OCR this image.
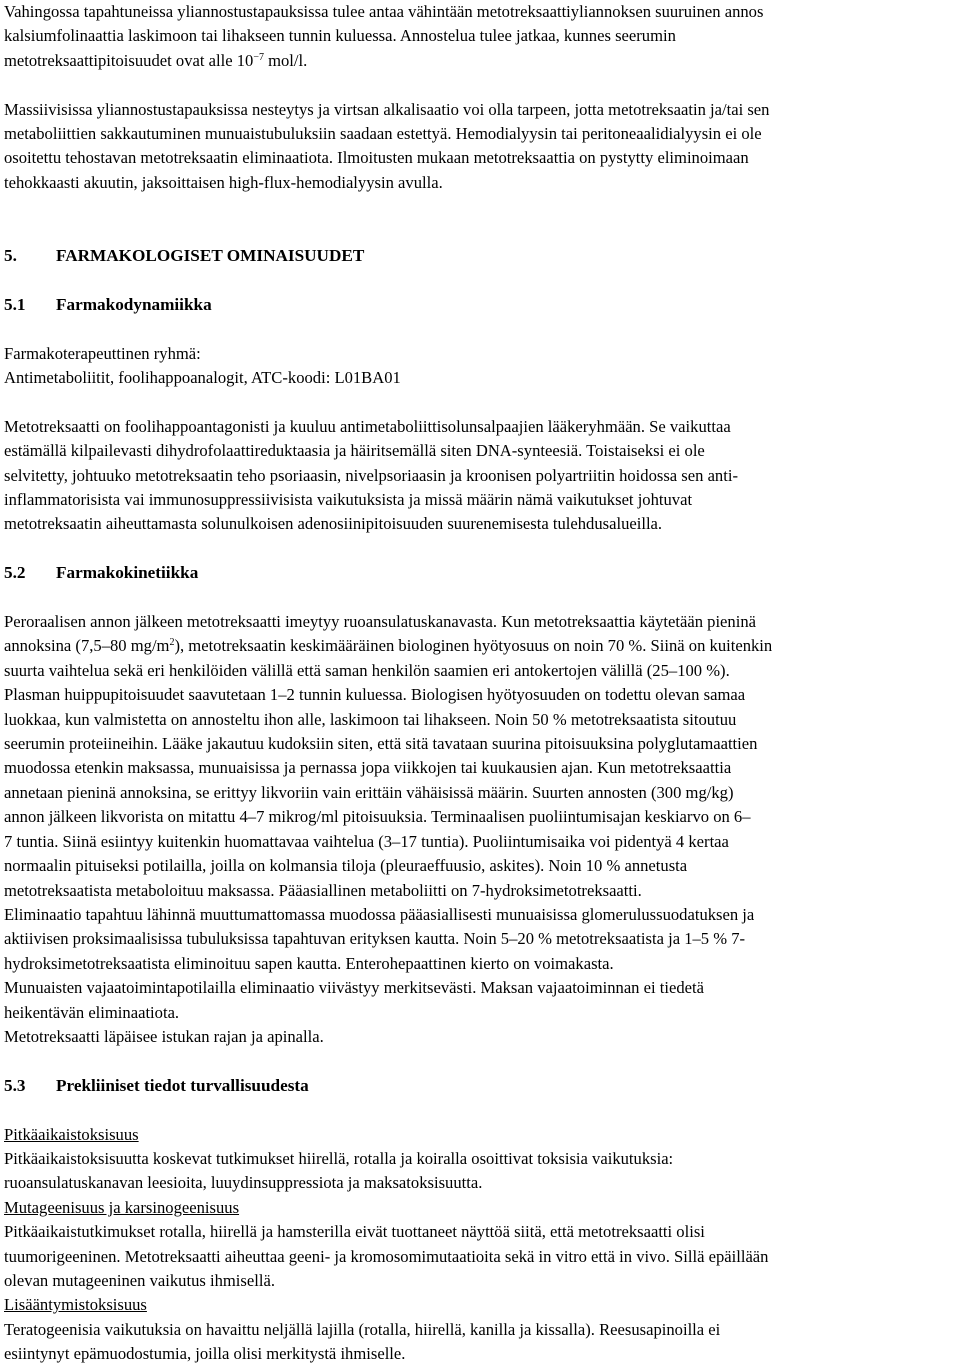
Vahingossa tapahtuneissa yliannostustapauksissa tulee antaa vähintään metotreksaattiyliannoksen suuruinen annos

kalsiumfolinaattia laskimoon tai lihakseen tunnin kuluessa. Annostelua tulee jatkaa, kunnes seerumin

metotreksaattipitoisuudet ovat alle $10^{-7}$ mol/l.

Massiivisissa yliannostustapauksissa nesteytys ja virtsan alkalisaatio voi olla tarpeen, jotta metotreksaatin ja/tai sen

metaboliittien sakkautuminen munuaistubuluksiin saadaan estettyä. Hemodialyysin tai peritoneaalidialyysin ei ole

osoitettu tehostavan metotreksaatin eliminaatiota. Ilmoitusten mukaan metotreksaattia on pystytty eliminoimaan

tehokkaasti akuutin, jaksoittaisen high-flux-hemodialyysin avulla.

5. FARMAKOLOGISET OMINAISUUDET

5.1 Farmakodynamiikka

Farmakoterapeuttinen ryhmä:

Antimetaboliitit, foolihappoanalogit, ATC-koodi: L01BA01

Metotreksaatti on foolihappoantagonisti ja kuuluu antimetaboliittisolunsalpaajien lääkeryhmään. Se vaikuttaa

estämällä kilpailevasti dihydrofolaattireduktaasia ja häiritsemällä siten DNA-synteesiä. Toistaiseksi ei ole

selvitetty, johtuuko metotreksaatin teho psoriaasin, nivelpsoriaasin ja kroonisen polyartriitin hoidossa sen anti-

inflammatorisista vai immunosuppressiivisista vaikutuksista ja missä määrin nämä vaikutukset johtuvat

metotreksaatin aiheuttamasta solunulkoisen adenosiinipitoisuuden suurenemisesta tulehdusalueilla.

5.2 Farmakokinetiikka

Peroraalisen annon jälkeen metotreksaatti imeytyy ruoansulatuskanavasta. Kun metotreksaattia käytetään pieninä

annoksina (7,5–80 $mg/m^2$), metotreksaatin keskimääräinen biologinen hyötyosuus on noin 70 %. Siinä on kuitenkin

suurta vaihtelua sekä eri henkilöiden välillä että saman henkilön saamien eri antokertojen välillä (25–100 %).

Plasman huippupitoisuudet saavutetaan 1–2 tunnin kuluessa. Biologisen hyötyosuuden on todettu olevan samaa

luokkaa, kun valmistetta on annosteltu ihon alle, laskimoon tai lihakseen. Noin 50 % metotreksaatista sitoutuu

seerumin proteiineihin. Lääke jakautuu kudoksiin siten, että sitä tavataan suurina pitoisuuksina polyglutamaattien

muodossa etenkin maksassa, munuaisissa ja pernassa jopa viikkojen tai kuukausien ajan. Kun metotreksaattia

annetaan pieninä annoksina, se erittyy likvoriin vain erittäin vähäisissä määrin. Suurten annosten (300 mg/kg)

annon jälkeen likvorista on mitattu 4–7 mikrog/ml pitoisuuksia. Terminaalisen puoliintumisajan keskiarvo on 6–

7 tuntia. Siinä esiintyy kuitenkin huomattavaa vaihtelua (3–17 tuntia). Puoliintumisaika voi pidentyä 4 kertaa

normaalin pituiseksi potilailla, joilla on kolmansia tiloja (pleuraeffuusio, askites). Noin 10 % annetusta

metotreksaatista metaboloituu maksassa. Pääasiallinen metaboliitti on 7-hydroksimetotreksaatti.

Eliminaatio tapahtuu lähinnä muuttumattomassa muodossa pääasiallisesti munuaisissa glomerulussuodatuksen ja

aktiivisen proksimaalisissa tubuluksissa tapahtuvan erityksen kautta. Noin 5–20 % metotreksaatista ja 1–5 % 7-

hydroksimetotreksaatista eliminoituu sapen kautta. Enterohepaattinen kierto on voimakasta.

Munuaisten vajaatoimintapotilailla eliminaatio viivästyy merkitsevästi. Maksan vajaatoiminnan ei tiedetä

heikentävän eliminaatiota.

Metotreksaatti läpäisee istukan rajan ja apinalla.

5.3 Prekliiniset tiedot turvallisuudesta

Pitkäaikaistoksisuus

Pitkäaikaistoksisuutta koskevat tutkimukset hiirellä, rotalla ja koiralla osoittivat toksisia vaikutuksia:

ruoansulatuskanavan leesioita, luuydinsuppressiota ja maksatoksisuutta.

Mutageenisuus ja karsinogeenisuus

Pitkäaikaistutkimukset rotalla, hiirellä ja hamsterilla eivät tuottaneet näyttöä siitä, että metotreksaatti olisi

tuumorigeeninen. Metotreksaatti aiheuttaa geeni- ja kromosomimutaatioita sekä in vitro että in vivo. Sillä epäillään

olevan mutageeninen vaikutus ihmisellä.

Lisääntymistoksisuus

Teratogeenisia vaikutuksia on havaittu neljällä lajilla (rotalla, hiirellä, kanilla ja kissalla). Reesusapinoilla ei

esiintynyt epämuodostumia, joilla olisi merkitystä ihmiselle.
